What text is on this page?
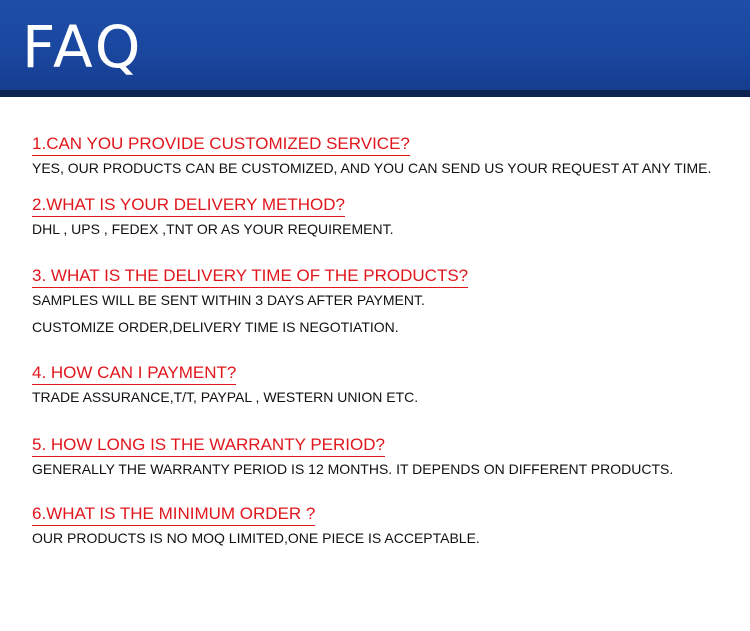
FAQ
1.CAN YOU PROVIDE CUSTOMIZED SERVICE?
YES, OUR PRODUCTS CAN BE CUSTOMIZED, AND YOU CAN SEND US YOUR REQUEST AT ANY TIME.
2.WHAT IS YOUR DELIVERY METHOD?
DHL , UPS , FEDEX ,TNT OR AS YOUR REQUIREMENT.
3. WHAT IS THE DELIVERY TIME OF THE PRODUCTS?
SAMPLES WILL BE SENT WITHIN 3 DAYS AFTER PAYMENT.
CUSTOMIZE ORDER,DELIVERY TIME IS NEGOTIATION.
4. HOW CAN I PAYMENT?
TRADE ASSURANCE,T/T, PAYPAL , WESTERN UNION ETC.
5. HOW LONG IS THE WARRANTY PERIOD?
GENERALLY THE WARRANTY PERIOD IS 12 MONTHS. IT DEPENDS ON DIFFERENT PRODUCTS.
6.WHAT IS THE MINIMUM ORDER ?
OUR PRODUCTS IS NO MOQ LIMITED,ONE PIECE IS ACCEPTABLE.
